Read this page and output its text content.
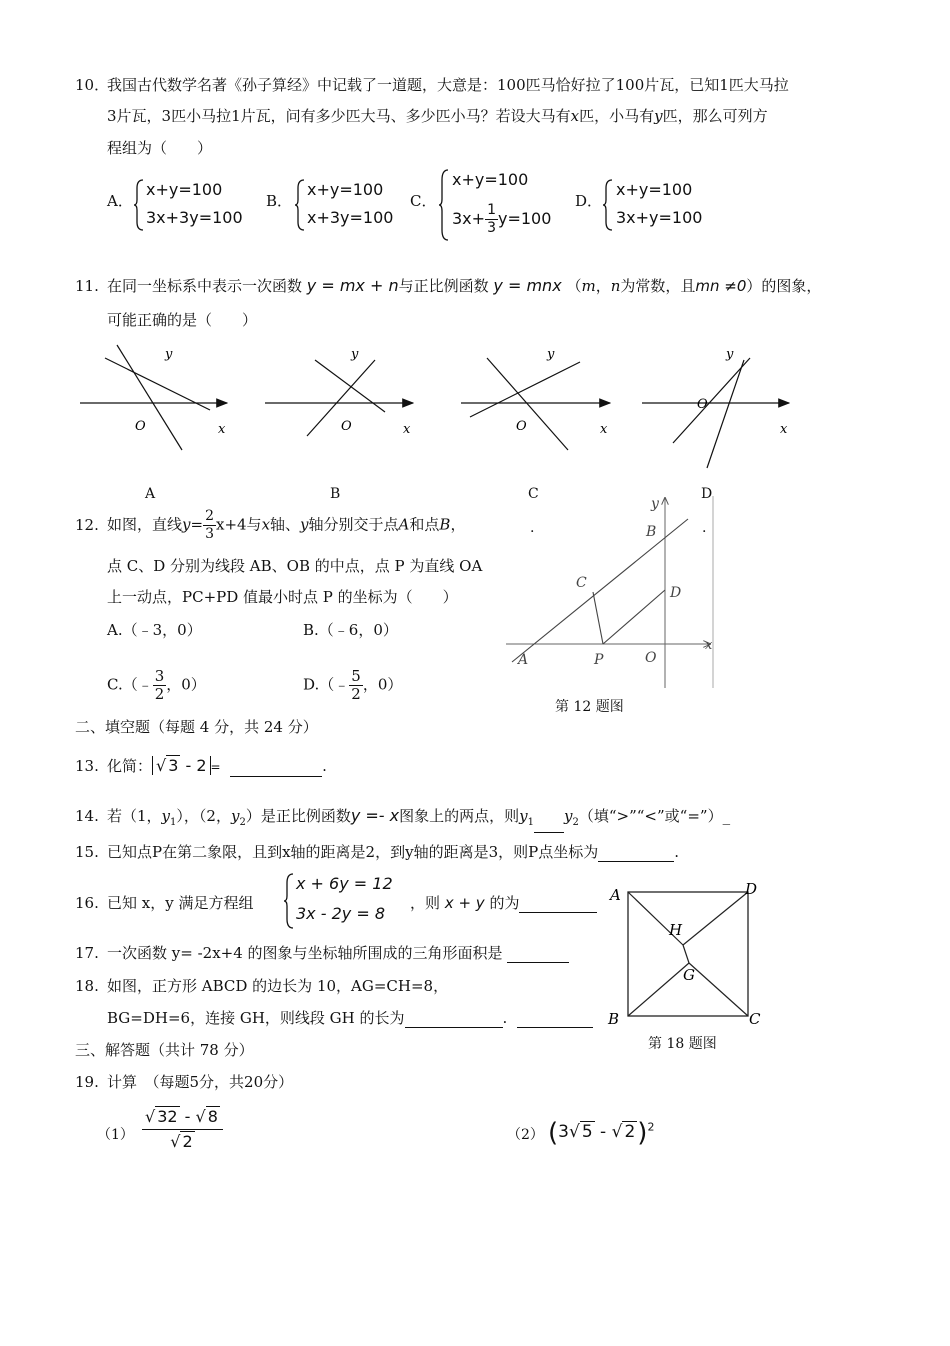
10．我国古代数学名著《孙子算经》中记载了一道题，大意是：100匹马恰好拉了100片瓦，已知1匹大马拉
3片瓦，3匹小马拉1片瓦，问有多少匹大马、多少匹小马？若设大马有x匹，小马有y匹，那么可列方
程组为（　　）
A．
x+y=100
3x+3y=100
B．
x+y=100
x+3y=100
C．
x+y=100
$3x+ \frac{1}{3} y=100$
D．
x+y=100
3x+y=100
11. 在同一坐标系中表示一次函数 y = mx + n与正比例函数 y = mnx （m，n为常数，且mn ≠0）的图象，
可能正确的是（　　）
y
O	x
y
O	x
y
O	x
y
O
x
A	B	C	D
12. 如图，直线$y= \frac{2}{3} x+4$与x轴、y轴分别交于点A和点B，
点 C、D 分别为线段 AB、OB 的中点，点 P 为直线 OA
上一动点，PC+PD 值最小时点 P 的坐标为（　　）
A.（﹣3，0）	B.（﹣6，0）
C.（﹣ $\frac{3}{2}$ ，0）	D.（﹣ $\frac{5}{2}$ ，0）
y
x
B
C
D
A	P	O
.	.
第 12 题图
二、填空题（每题 4 分，共 24 分）
13. 化简： √ 3 - 2 =	.
14. 若（1，$y_1$），（2，$y_2$）是正比例函数y =- x图象上的两点，则$y_1$ $y_2$（填“>”“<”或“=”）_
15. 已知点P在第二象限，且到x轴的距离是2，到y轴的距离是3，则P点坐标为	.
16. 已知 x，y 满足方程组
x + 6y = 12
3x - 2y = 8
，则 x + y 的为	A	D
H
G
B	C
17. 一次函数 y= -2x+4 的图象与坐标轴所围成的三角形面积是
18. 如图，正方形 ABCD 的边长为 10，AG=CH=8，
BG=DH=6，连接 GH，则线段 GH 的长为	.
第 18 题图
三、解答题（共计 78 分）
19. 计算　（每题5分，共20分）
$(1) \frac{√ 32 - √ 8}{√ 2}$	（2） (3√ 5 - √ 2)$^2$
